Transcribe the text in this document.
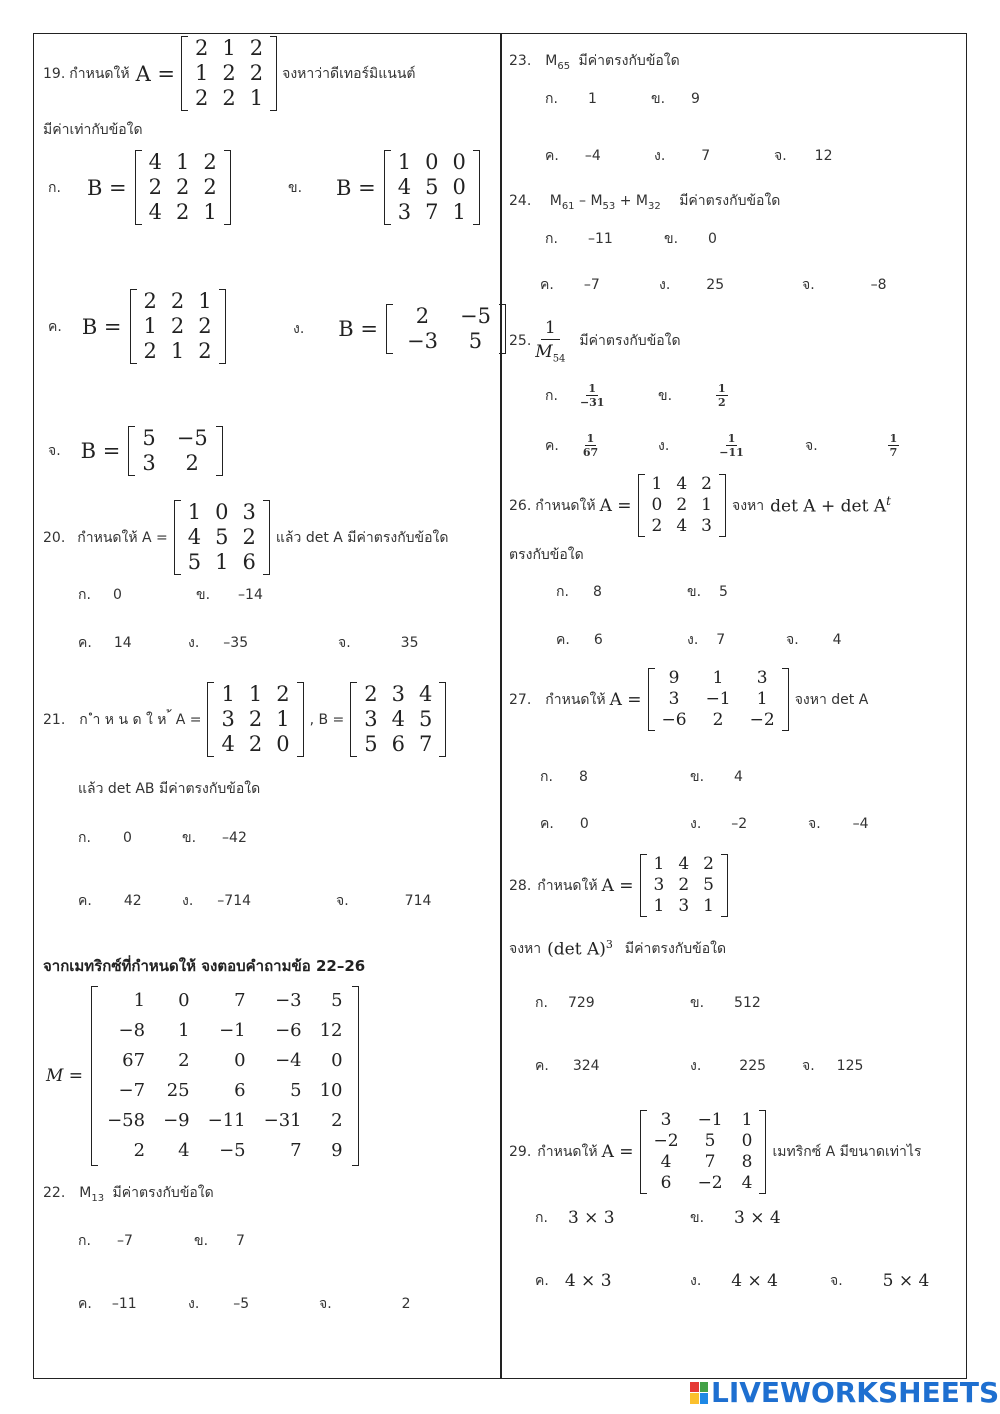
19. กำหนดให้ A =
2	1	2
1	2	2
2	2	1
จงหาว่าดีเทอร์มิแนนต์
มีค่าเท่ากับข้อใด
ก. B =
4	1	2
2	2	2
4	2	1
ข. B =
1	0	0
4	5	0
3	7	1
ค. B =
2	2	1
1	2	2
2	1	2
ง. B =
2	−5
−3	5
จ. B =
5	−5
3	2
20. กำหนดให้ A =
1	0	3
4	5	2
5	1	6
แล้ว det A มีค่าตรงกับข้อใด
ก. 0	ข. –14
ค. 14	ง. –35	จ.	35
21. ก ำ ห น ด ใ ห ้ A =
1	1	2
3	2	1
4	2	0
, B =
2	3	4
3	4	5
5	6	7
แล้ว det AB มีค่าตรงกับข้อใด
ก. 0	ข. –42
ค. 42	ง. –714	จ.	714
จากเมทริกซ์ที่กำหนดให้ จงตอบคำถามข้อ 22–26
M =
1	0	7	−3	5
−8	1	−1	−6	12
67	2	0	−4	0
−7	25	6	5	10
−58	−9	−11	−31	2
2	4	−5	7	9
22. $M_{13}$ มีค่าตรงกับข้อใด
ก. –7	ข. 7
ค. –11	ง. –5	จ.	2
23. $M_{65}$ มีค่าตรงกับข้อใด
ก. 1	ข. 9
ค. –4	ง.	7	จ. 12
24. $M_{61} - M_{53} + M_{32}$ มีค่าตรงกับข้อใด
ก. –11	ข. 0
ค. –7	ง.	25	จ.	–8
25.
1
$M_{54}$
มีค่าตรงกับข้อใด
ก. $\frac{1}{-31}$	ข.	$\frac{1}{2}$
ค. $\frac{1}{67}$	ง.	$\frac{1}{-11}$	จ.	$\frac{1}{7}$
26. กำหนดให้ A =
1	4	2
0	2	1
2	4	3
จงหา $\det A + \det A^t$
ตรงกับข้อใด
ก. 8	ข. 5
ค. 6	ง. 7	จ. 4
27. กำหนดให้ A =
9	1	3
3	−1	1
−6	2	−2
จงหา det A
ก. 8	ข. 4
ค. 0	ง. –2	จ. –4
28. กำหนดให้ A =
1	4	2
3	2	5
1	3	1
จงหา (det A)$^3$ มีค่าตรงกับข้อใด
ก. 729	ข. 512
ค. 324	ง.	225	จ. 125
29. กำหนดให้ A =
3	−1	1
−2	5	0
4	7	8
6	−2	4
เมทริกซ์ A มีขนาดเท่าไร
ก. 3 × 3	ข. 3 × 4
ค. 4 × 3	ง. 4 × 4	จ. 5 × 4
LIVEWORKSHEETS
